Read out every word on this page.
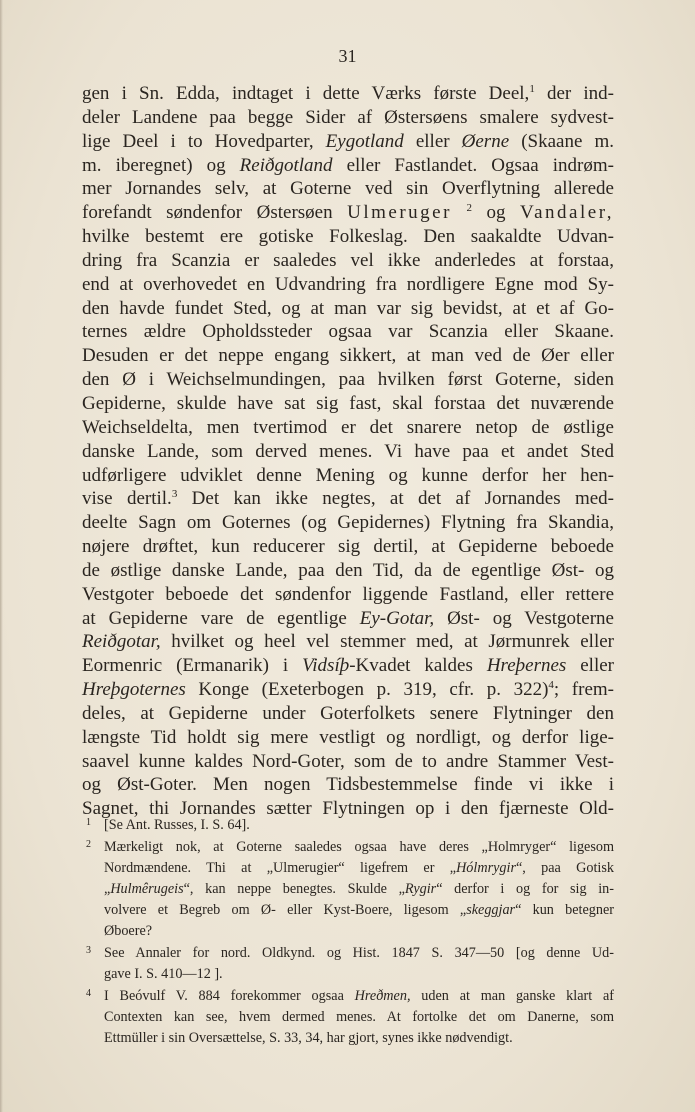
31
gen i Sn. Edda, indtaget i dette Værks første Deel,$^1$ der ind-
deler Landene paa begge Sider af Østersøens smalere sydvest-
lige Deel i to Hovedparter, Eygotland eller Øerne (Skaane m.
m. iberegnet) og Reiðgotland eller Fastlandet. Ogsaa indrøm-
mer Jornandes selv, at Goterne ved sin Overflytning allerede
forefandt søndenfor Østersøen Ulmeruger $^2$ og Vandaler,
hvilke bestemt ere gotiske Folkeslag. Den saakaldte Udvan-
dring fra Scanzia er saaledes vel ikke anderledes at forstaa,
end at overhovedet en Udvandring fra nordligere Egne mod Sy-
den havde fundet Sted, og at man var sig bevidst, at et af Go-
ternes ældre Opholdssteder ogsaa var Scanzia eller Skaane.
Desuden er det neppe engang sikkert, at man ved de Øer eller
den Ø i Weichselmundingen, paa hvilken først Goterne, siden
Gepiderne, skulde have sat sig fast, skal forstaa det nuværende
Weichseldelta, men tvertimod er det snarere netop de østlige
danske Lande, som derved menes. Vi have paa et andet Sted
udførligere udviklet denne Mening og kunne derfor her hen-
vise dertil.$^3$ Det kan ikke negtes, at det af Jornandes med-
deelte Sagn om Goternes (og Gepidernes) Flytning fra Skandia,
nøjere drøftet, kun reducerer sig dertil, at Gepiderne beboede
de østlige danske Lande, paa den Tid, da de egentlige Øst- og
Vestgoter beboede det søndenfor liggende Fastland, eller rettere
at Gepiderne vare de egentlige Ey-Gotar, Øst- og Vestgoterne
Reiðgotar, hvilket og heel vel stemmer med, at Jørmunrek eller
Eormenric (Ermanarik) i Vidsíþ-Kvadet kaldes Hreþernes eller
Hreþgoternes Konge (Exeterbogen p. 319, cfr. p. 322)$^4$; frem-
deles, at Gepiderne under Goterfolkets senere Flytninger den
længste Tid holdt sig mere vestligt og nordligt, og derfor lige-
saavel kunne kaldes Nord-Goter, som de to andre Stammer Vest-
og Øst-Goter. Men nogen Tidsbestemmelse finde vi ikke i
Sagnet, thi Jornandes sætter Flytningen op i den fjærneste Old-
1 [Se Ant. Russes, I. S. 64].
2 Mærkeligt nok, at Goterne saaledes ogsaa have deres „Holmryger“ ligesom
Nordmændene. Thi at „Ulmerugier“ ligefrem er „Hólmrygir“, paa Gotisk
„Hulmêrugeis“, kan neppe benegtes. Skulde „Rygir“ derfor i og for sig in-
volvere et Begreb om Ø- eller Kyst-Boere, ligesom „skeggjar“ kun betegner
Øboere?
3 See Annaler for nord. Oldkynd. og Hist. 1847 S. 347—50 [og denne Ud-
gave I. S. 410—12 ].
4 I Beóvulf V. 884 forekommer ogsaa Hreðmen, uden at man ganske klart af
Contexten kan see, hvem dermed menes. At fortolke det om Danerne, som
Ettmüller i sin Oversættelse, S. 33, 34, har gjort, synes ikke nødvendigt.
